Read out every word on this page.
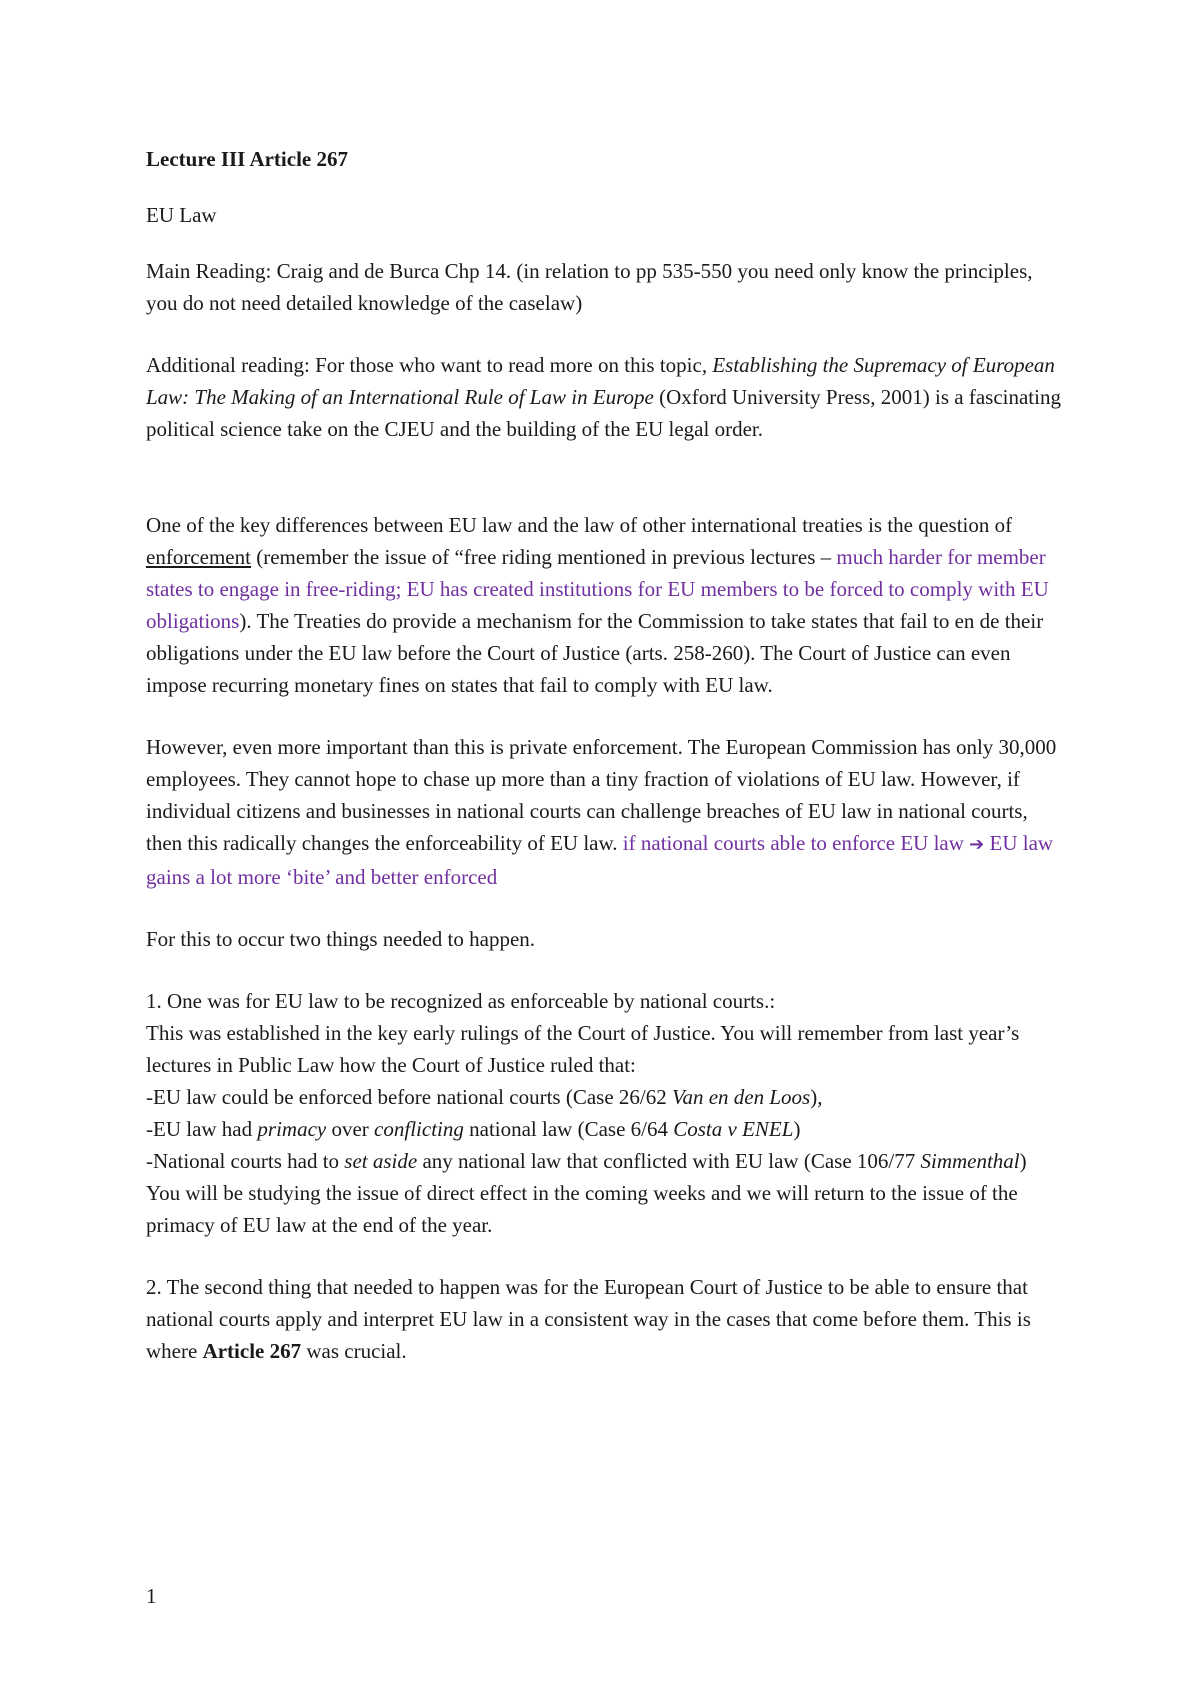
Lecture III Article 267

EU Law

Main Reading: Craig and de Burca Chp 14. (in relation to pp 535-550 you need only know the principles, you do not need detailed knowledge of the caselaw)

Additional reading: For those who want to read more on this topic, Establishing the Supremacy of European Law: The Making of an International Rule of Law in Europe (Oxford University Press, 2001) is a fascinating political science take on the CJEU and the building of the EU legal order.

One of the key differences between EU law and the law of other international treaties is the question of enforcement (remember the issue of “free riding mentioned in previous lectures – much harder for member states to engage in free-riding; EU has created institutions for EU members to be forced to comply with EU obligations). The Treaties do provide a mechanism for the Commission to take states that fail to en de their obligations under the EU law before the Court of Justice (arts. 258-260). The Court of Justice can even impose recurring monetary fines on states that fail to comply with EU law.

However, even more important than this is private enforcement. The European Commission has only 30,000 employees. They cannot hope to chase up more than a tiny fraction of violations of EU law. However, if individual citizens and businesses in national courts can challenge breaches of EU law in national courts, then this radically changes the enforceability of EU law. if national courts able to enforce EU law ➔ EU law gains a lot more ‘bite’ and better enforced

For this to occur two things needed to happen.

1. One was for EU law to be recognized as enforceable by national courts.:

This was established in the key early rulings of the Court of Justice. You will remember from last year’s lectures in Public Law how the Court of Justice ruled that:

-EU law could be enforced before national courts (Case 26/62 Van en den Loos),

-EU law had primacy over conflicting national law (Case 6/64 Costa v ENEL)

-National courts had to set aside any national law that conflicted with EU law (Case 106/77 Simmenthal)

You will be studying the issue of direct effect in the coming weeks and we will return to the issue of the primacy of EU law at the end of the year.

2. The second thing that needed to happen was for the European Court of Justice to be able to ensure that national courts apply and interpret EU law in a consistent way in the cases that come before them. This is where Article 267 was crucial.

1
